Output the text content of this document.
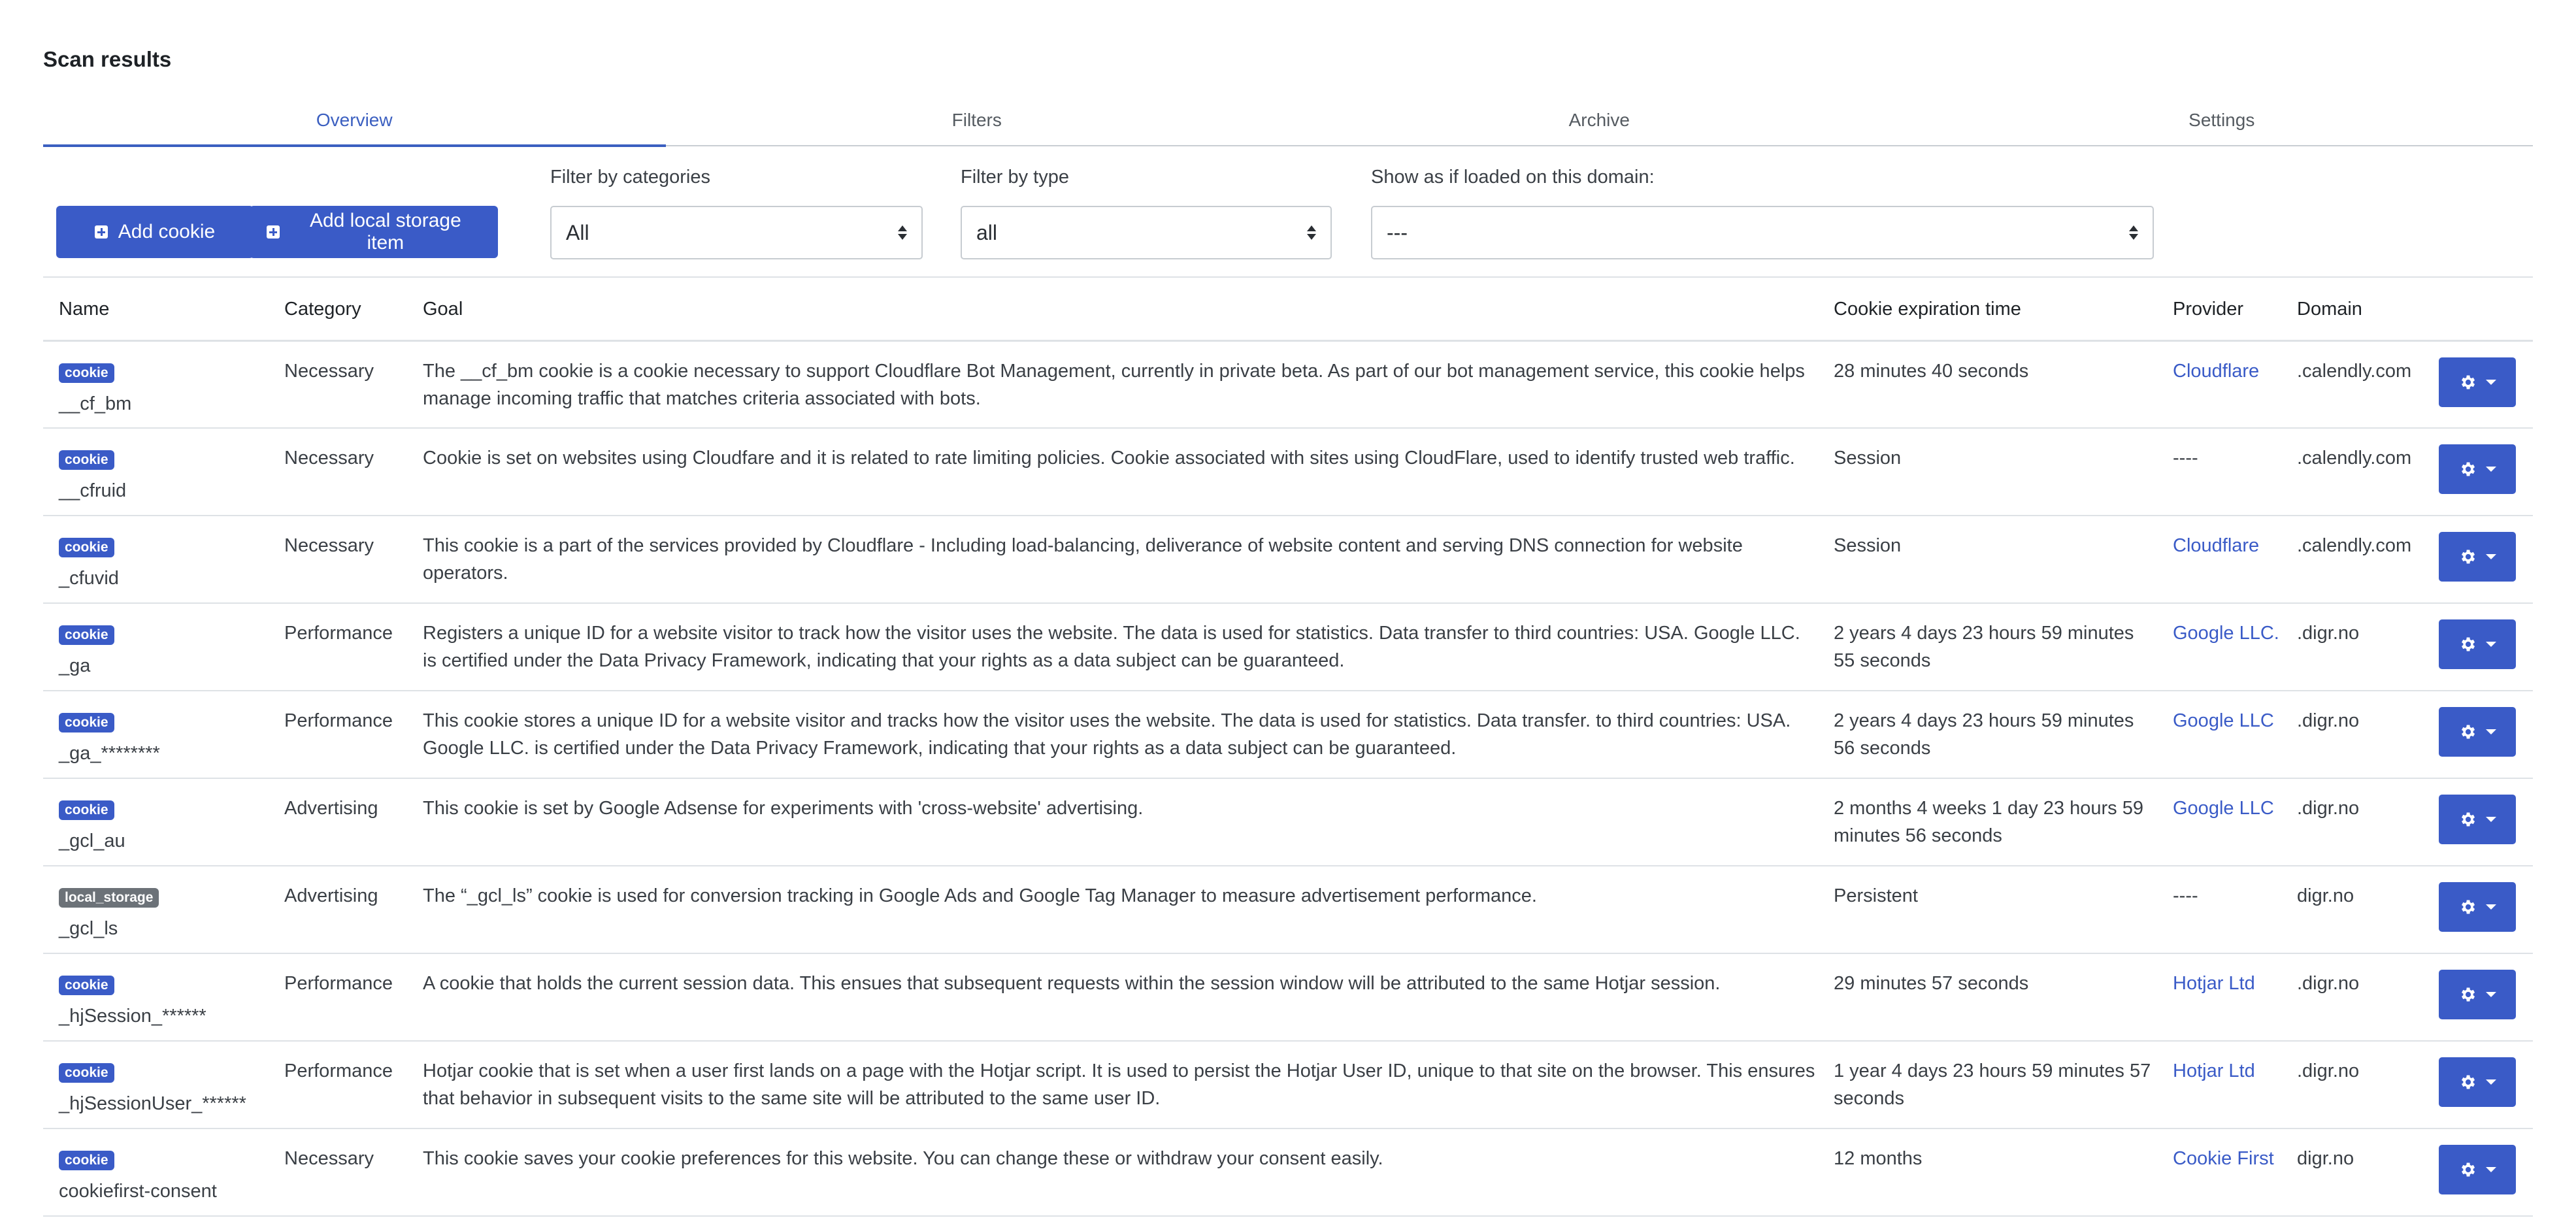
Scan results
Overview	Filters	Archive	Settings
Add cookie
Add local storage item
Filter by categories
All
Filter by type
all
Show as if loaded on this domain:
---
Name	Category	Goal	Cookie expiration time	Provider	Domain	
cookie
__cf_bm	Necessary	The __cf_bm cookie is a cookie necessary to support Cloudflare Bot Management, currently in private beta. As part of our bot management service, this cookie helps manage incoming traffic that matches criteria associated with bots.	28 minutes 40 seconds	Cloudflare	.calendly.com	

cookie
__cfruid	Necessary	Cookie is set on websites using Cloudfare and it is related to rate limiting policies. Cookie associated with sites using CloudFlare, used to identify trusted web traffic.	Session	----	.calendly.com	

cookie
_cfuvid	Necessary	This cookie is a part of the services provided by Cloudflare - Including load-balancing, deliverance of website content and serving DNS connection for website operators.	Session	Cloudflare	.calendly.com	

cookie
_ga	Performance	Registers a unique ID for a website visitor to track how the visitor uses the website. The data is used for statistics. Data transfer to third countries: USA. Google LLC. is certified under the Data Privacy Framework, indicating that your rights as a data subject can be guaranteed.	2 years 4 days 23 hours 59 minutes 55 seconds	Google LLC.	.digr.no	

cookie
_ga_********	Performance	This cookie stores a unique ID for a website visitor and tracks how the visitor uses the website. The data is used for statistics. Data transfer. to third countries: USA. Google LLC. is certified under the Data Privacy Framework, indicating that your rights as a data subject can be guaranteed.	2 years 4 days 23 hours 59 minutes 56 seconds	Google LLC	.digr.no	

cookie
_gcl_au	Advertising	This cookie is set by Google Adsense for experiments with 'cross-website' advertising.	2 months 4 weeks 1 day 23 hours 59 minutes 56 seconds	Google LLC	.digr.no	

local_storage
_gcl_ls	Advertising	The “_gcl_ls” cookie is used for conversion tracking in Google Ads and Google Tag Manager to measure advertisement performance.	Persistent	----	digr.no	

cookie
_hjSession_******	Performance	A cookie that holds the current session data. This ensues that subsequent requests within the session window will be attributed to the same Hotjar session.	29 minutes 57 seconds	Hotjar Ltd	.digr.no	

cookie
_hjSessionUser_******	Performance	Hotjar cookie that is set when a user first lands on a page with the Hotjar script. It is used to persist the Hotjar User ID, unique to that site on the browser. This ensures that behavior in subsequent visits to the same site will be attributed to the same user ID.	1 year 4 days 23 hours 59 minutes 57 seconds	Hotjar Ltd	.digr.no	

cookie
cookiefirst-consent	Necessary	This cookie saves your cookie preferences for this website. You can change these or withdraw your consent easily.	12 months	Cookie First	digr.no	
